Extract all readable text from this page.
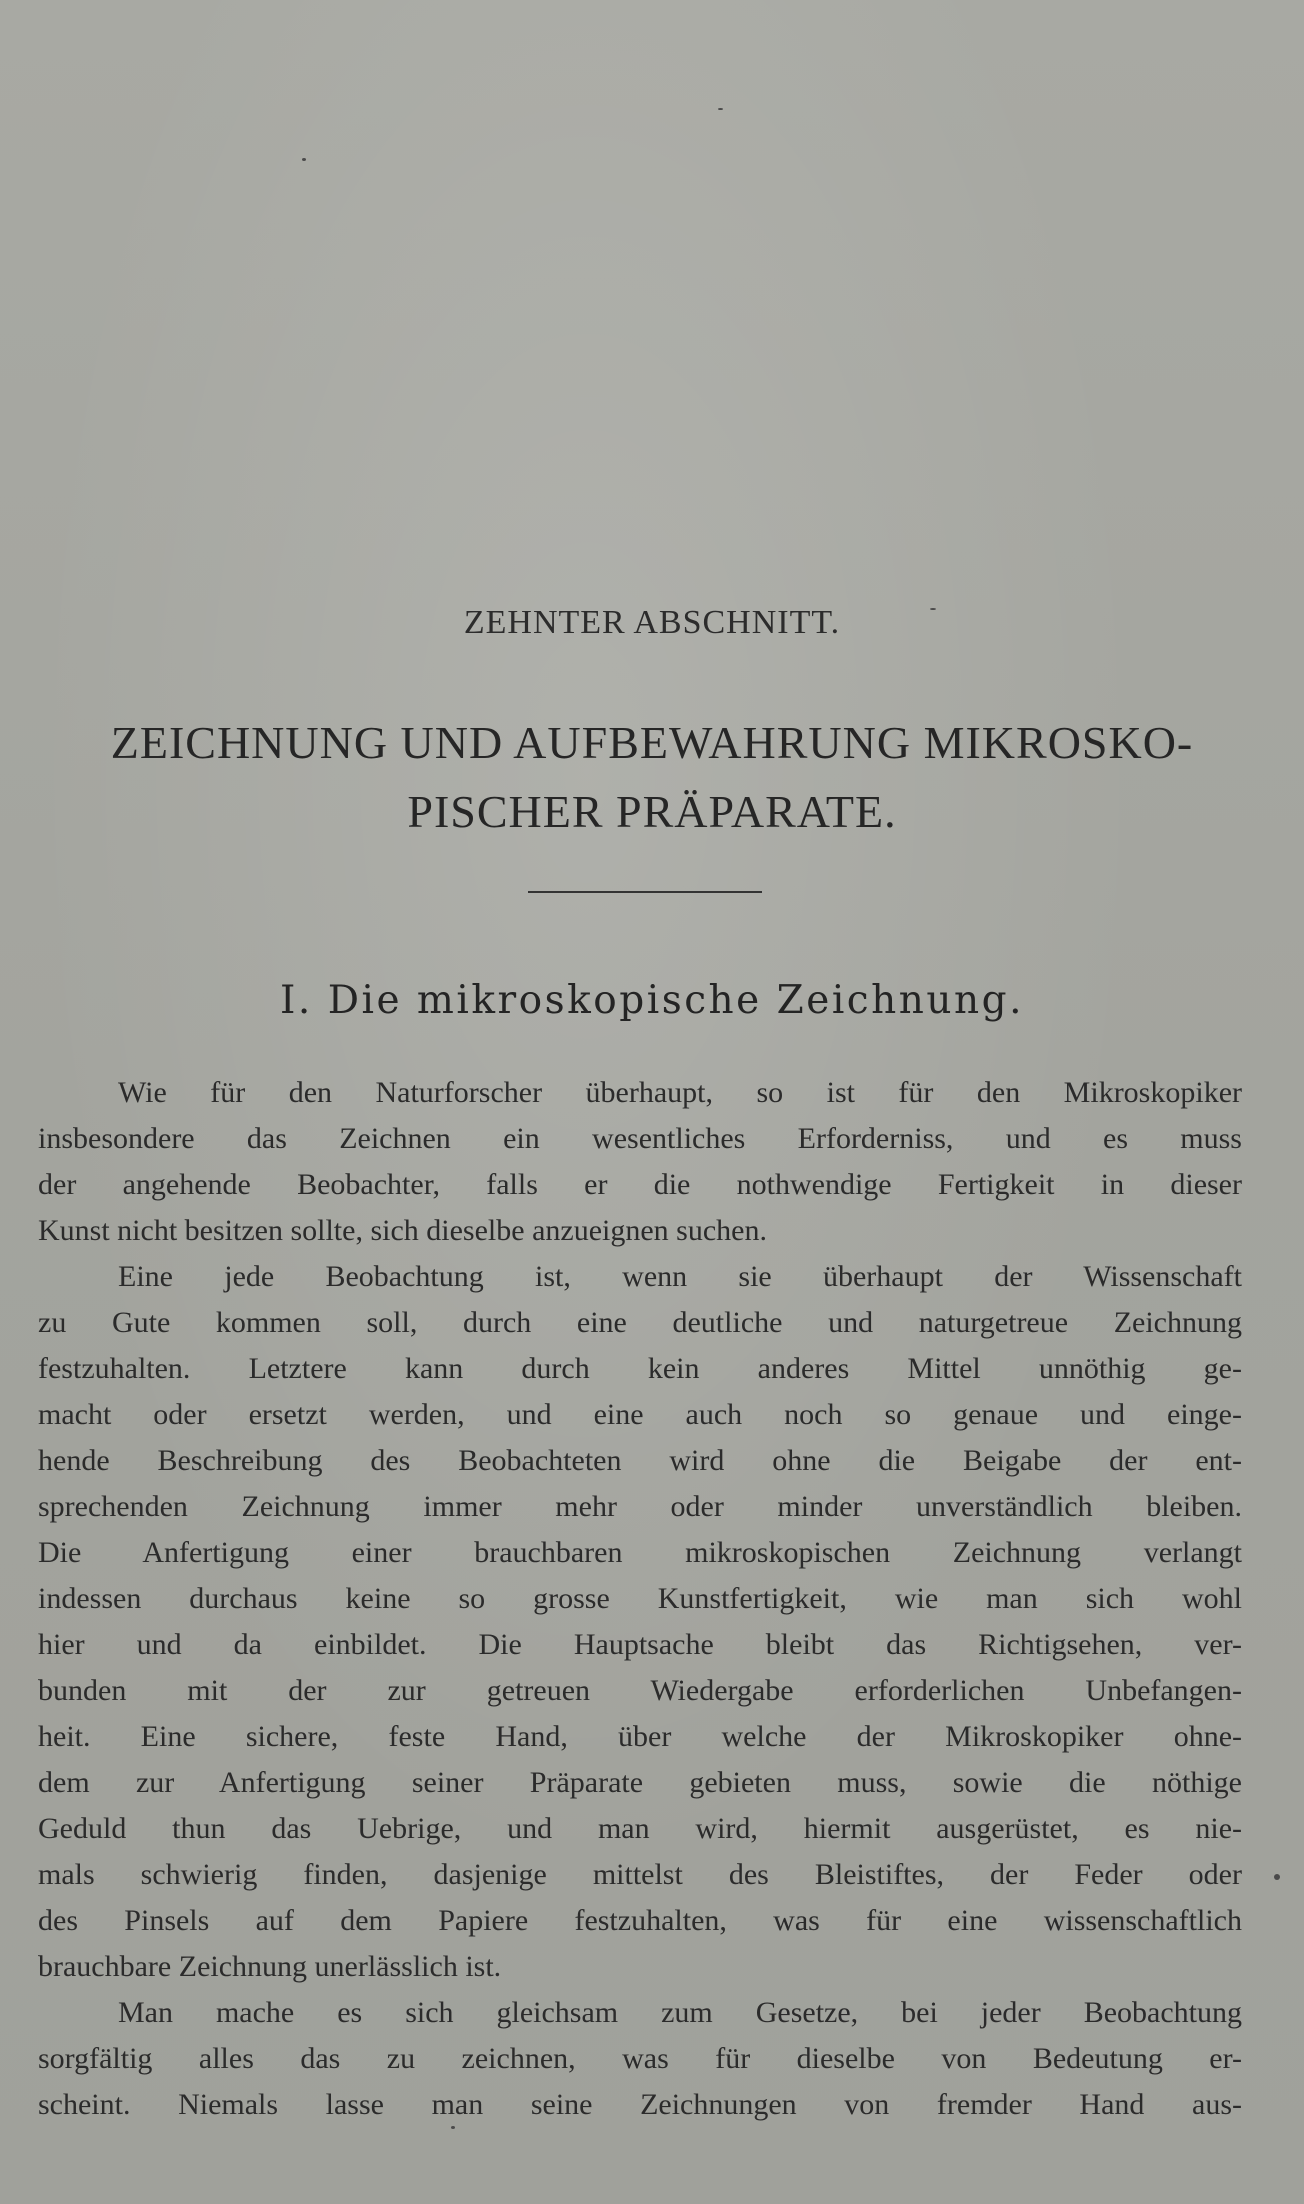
ZEHNTER ABSCHNITT.
ZEICHNUNG UND AUFBEWAHRUNG MIKROSKO-
PISCHER PRÄPARATE.
I. Die mikroskopische Zeichnung.
Wie für den Naturforscher überhaupt, so ist für den Mikroskopiker
insbesondere das Zeichnen ein wesentliches Erforderniss, und es muss
der angehende Beobachter, falls er die nothwendige Fertigkeit in dieser
Kunst nicht besitzen sollte, sich dieselbe anzueignen suchen.
Eine jede Beobachtung ist, wenn sie überhaupt der Wissenschaft
zu Gute kommen soll, durch eine deutliche und naturgetreue Zeichnung
festzuhalten. Letztere kann durch kein anderes Mittel unnöthig ge-
macht oder ersetzt werden, und eine auch noch so genaue und einge-
hende Beschreibung des Beobachteten wird ohne die Beigabe der ent-
sprechenden Zeichnung immer mehr oder minder unverständlich bleiben.
Die Anfertigung einer brauchbaren mikroskopischen Zeichnung verlangt
indessen durchaus keine so grosse Kunstfertigkeit, wie man sich wohl
hier und da einbildet. Die Hauptsache bleibt das Richtigsehen, ver-
bunden mit der zur getreuen Wiedergabe erforderlichen Unbefangen-
heit. Eine sichere, feste Hand, über welche der Mikroskopiker ohne-
dem zur Anfertigung seiner Präparate gebieten muss, sowie die nöthige
Geduld thun das Uebrige, und man wird, hiermit ausgerüstet, es nie-
mals schwierig finden, dasjenige mittelst des Bleistiftes, der Feder oder
des Pinsels auf dem Papiere festzuhalten, was für eine wissenschaftlich
brauchbare Zeichnung unerlässlich ist.
Man mache es sich gleichsam zum Gesetze, bei jeder Beobachtung
sorgfältig alles das zu zeichnen, was für dieselbe von Bedeutung er-
scheint. Niemals lasse man seine Zeichnungen von fremder Hand aus-
